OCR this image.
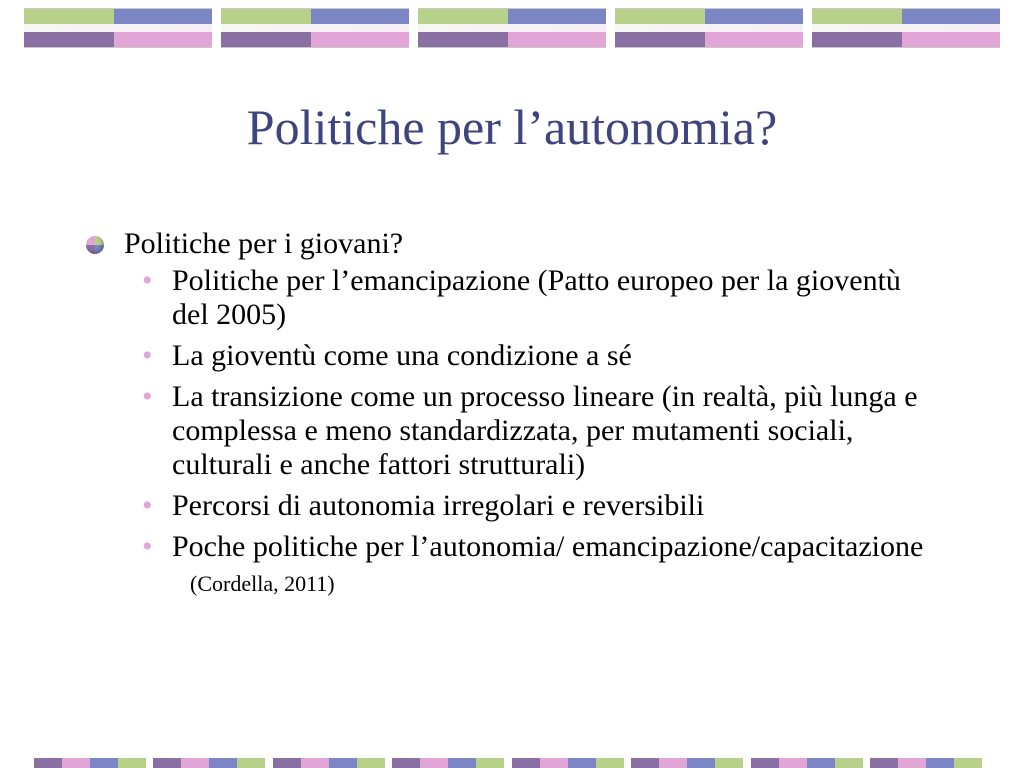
Politiche per l’autonomia?
Politiche per i giovani?
• Politiche per l’emancipazione (Patto europeo per la gioventù del 2005)
• La gioventù come una condizione a sé
• La transizione come un processo lineare (in realtà, più lunga e complessa e meno standardizzata, per mutamenti sociali, culturali e anche fattori strutturali)
• Percorsi di autonomia irregolari e reversibili
• Poche politiche per l’autonomia/ emancipazione/capacitazione
(Cordella, 2011)
